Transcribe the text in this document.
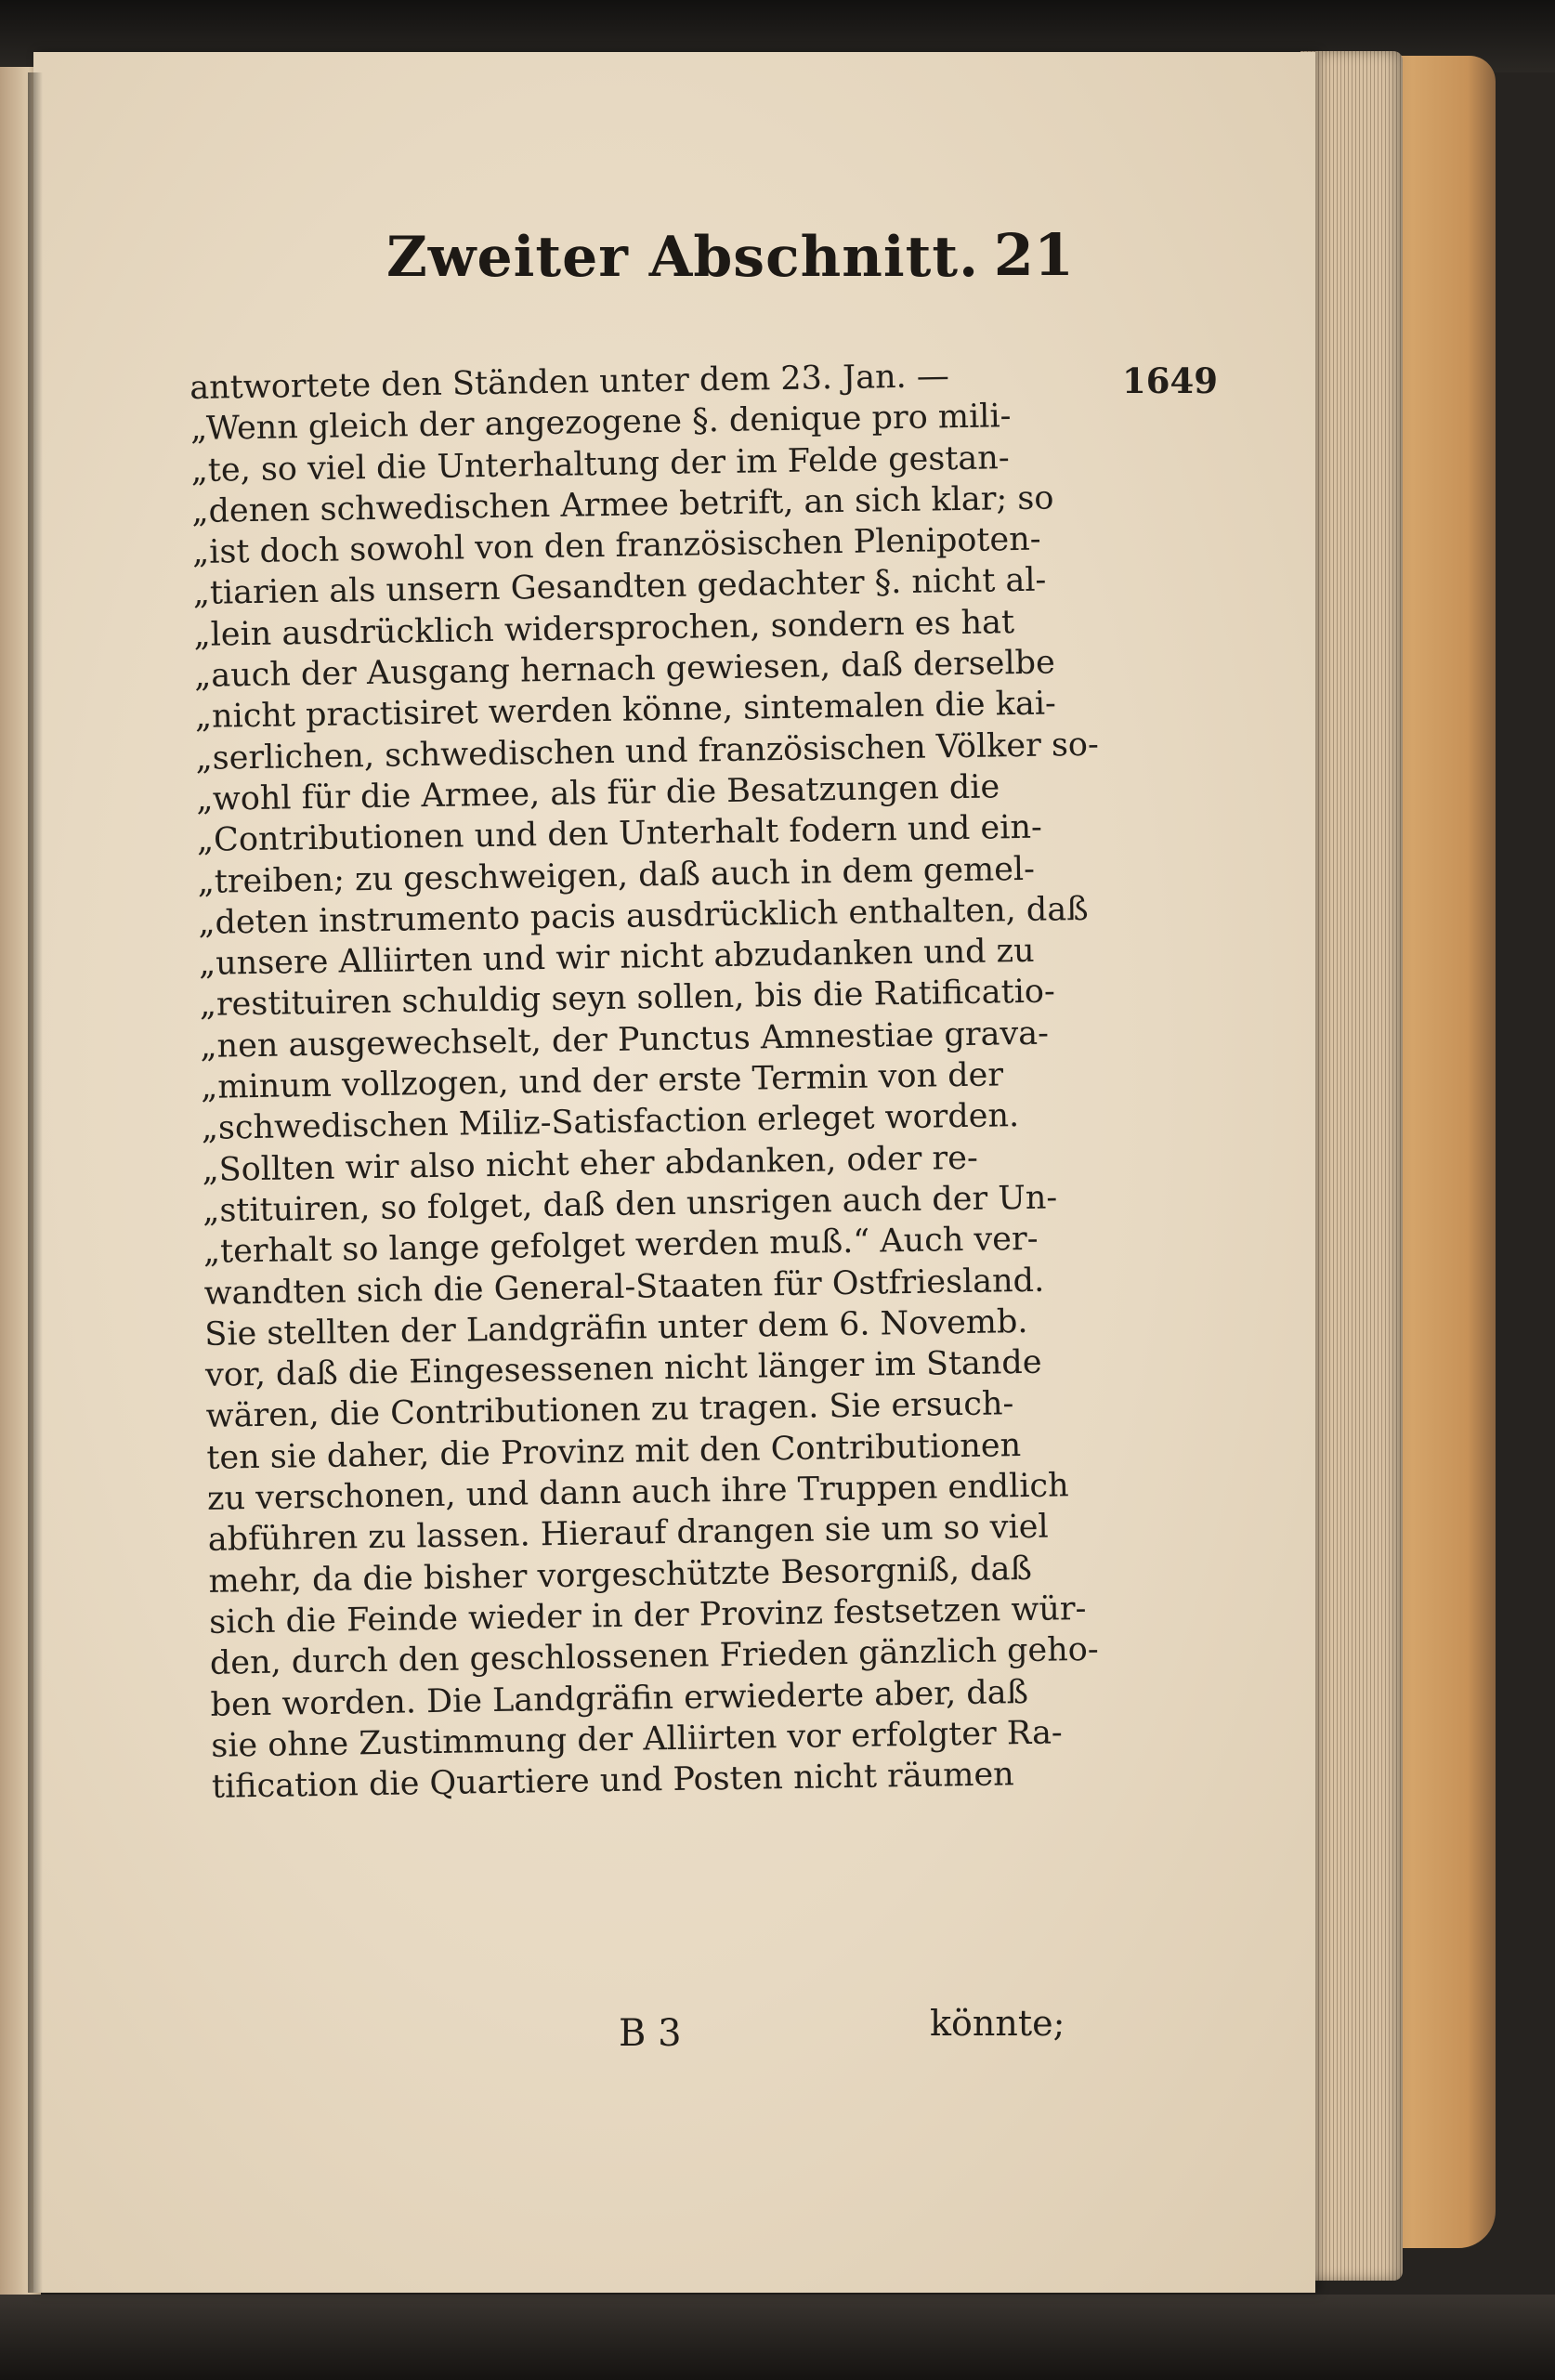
Zweiter Abschnitt. 21
antwortete den Ständen unter dem 23. Jan. —
„Wenn gleich der angezogene §. denique pro mili-
„te, so viel die Unterhaltung der im Felde gestan-
„denen schwedischen Armee betrift, an sich klar; so
„ist doch sowohl von den französischen Plenipoten-
„tiarien als unsern Gesandten gedachter §. nicht al-
„lein ausdrücklich widersprochen, sondern es hat
„auch der Ausgang hernach gewiesen, daß derselbe
„nicht practisiret werden könne, sintemalen die kai-
„serlichen, schwedischen und französischen Völker so-
„wohl für die Armee, als für die Besatzungen die
„Contributionen und den Unterhalt fodern und ein-
„treiben; zu geschweigen, daß auch in dem gemel-
„deten instrumento pacis ausdrücklich enthalten, daß
„unsere Alliirten und wir nicht abzudanken und zu
„restituiren schuldig seyn sollen, bis die Ratificatio-
„nen ausgewechselt, der Punctus Amnestiae grava-
„minum vollzogen, und der erste Termin von der
„schwedischen Miliz-Satisfaction erleget worden.
„Sollten wir also nicht eher abdanken, oder re-
„stituiren, so folget, daß den unsrigen auch der Un-
„terhalt so lange gefolget werden muß.“ Auch ver-
wandten sich die General-Staaten für Ostfriesland.
Sie stellten der Landgräfin unter dem 6. Novemb.
vor, daß die Eingesessenen nicht länger im Stande
wären, die Contributionen zu tragen. Sie ersuch-
ten sie daher, die Provinz mit den Contributionen
zu verschonen, und dann auch ihre Truppen endlich
abführen zu lassen. Hierauf drangen sie um so viel
mehr, da die bisher vorgeschützte Besorgniß, daß
sich die Feinde wieder in der Provinz festsetzen wür-
den, durch den geschlossenen Frieden gänzlich geho-
ben worden. Die Landgräfin erwiederte aber, daß
sie ohne Zustimmung der Alliirten vor erfolgter Ra-
tification die Quartiere und Posten nicht räumen
1649
B 3	könnte;
